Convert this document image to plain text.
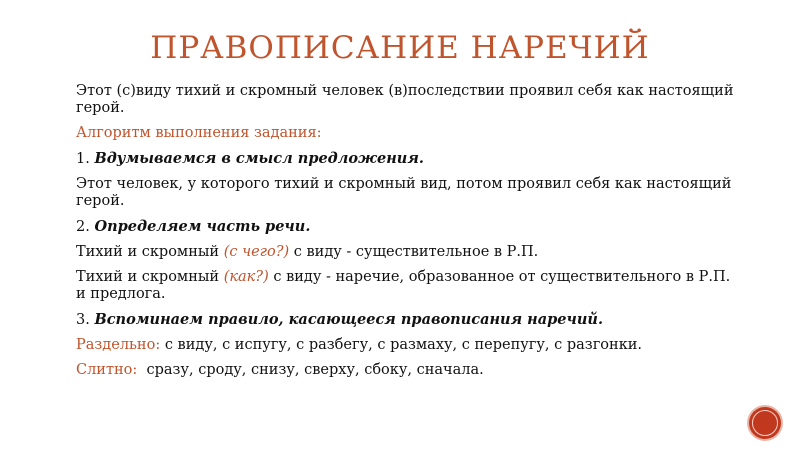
ПРАВОПИСАНИЕ НАРЕЧИЙ

Этот (с)виду тихий и скромный человек (в)последствии проявил себя как настоящий герой.

Алгоритм выполнения задания:

1. Вдумываемся в смысл предложения.

Этот человек, у которого тихий и скромный вид, потом проявил себя как настоящий герой.

2. Определяем часть речи.

Тихий и скромный (с чего?) с виду - существительное в Р.П.

Тихий и скромный (как?) с виду - наречие, образованное от существительного в Р.П. и предлога.

3. Вспоминаем правило, касающееся правописания наречий.

Раздельно: с виду, с испугу, с разбегу, с размаху, с перепугу, с разгонки.

Слитно:  сразу, сроду, снизу, сверху, сбоку, сначала.
